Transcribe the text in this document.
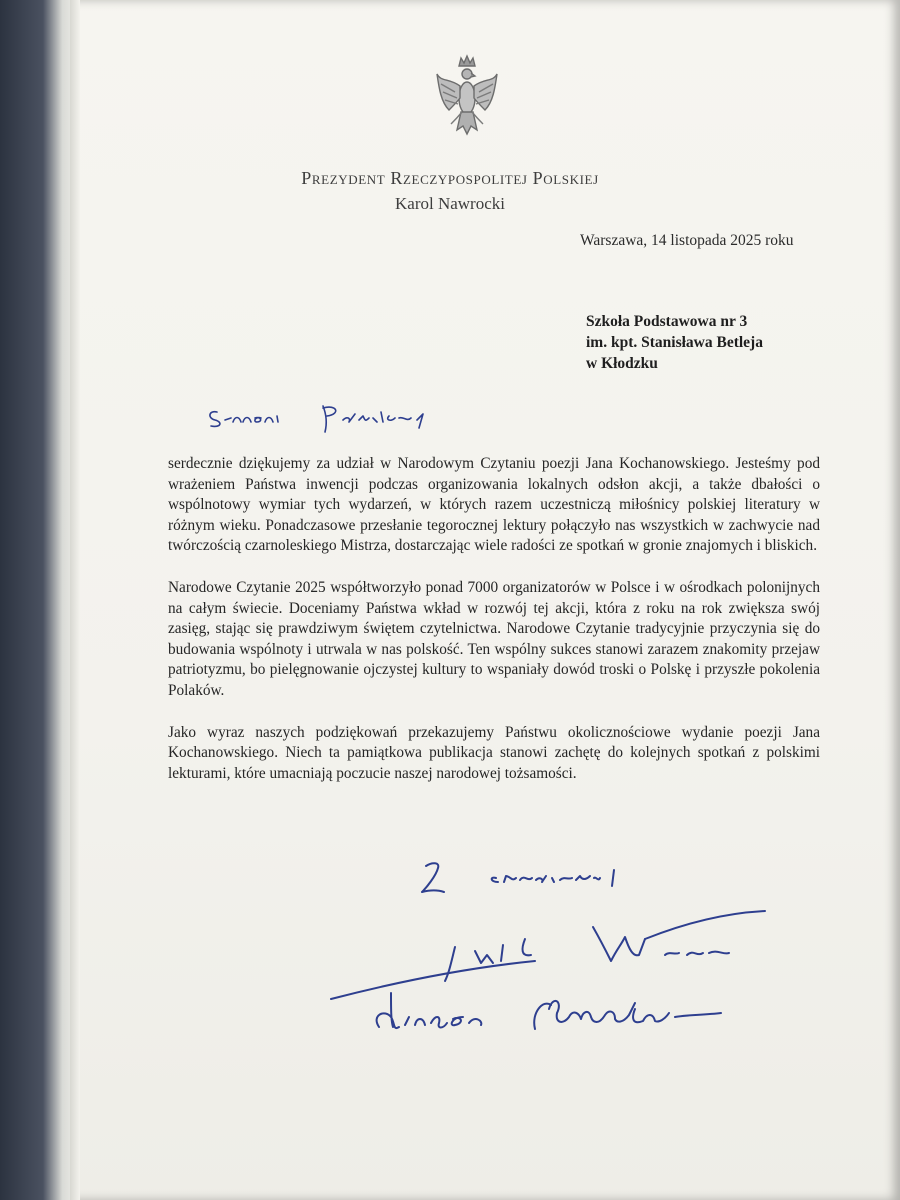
Prezydent Rzeczypospolitej Polskiej
Karol Nawrocki
Warszawa, 14 listopada 2025 roku
Szkoła Podstawowa nr 3
im. kpt. Stanisława Betleja
w Kłodzku

serdecznie dziękujemy za udział w Narodowym Czytaniu poezji Jana Kochanowskiego. Jesteśmy pod wrażeniem Państwa inwencji podczas organizowania lokalnych odsłon akcji, a także dbałości o wspólnotowy wymiar tych wydarzeń, w których razem uczestniczą miłośnicy polskiej literatury w różnym wieku. Ponadczasowe przesłanie tegorocznej lektury połączyło nas wszystkich w zachwycie nad twórczością czarnoleskiego Mistrza, dostarczając wiele radości ze spotkań w gronie znajomych i bliskich.

Narodowe Czytanie 2025 współtworzyło ponad 7000 organizatorów w Polsce i w ośrodkach polonijnych na całym świecie. Doceniamy Państwa wkład w rozwój tej akcji, która z roku na rok zwiększa swój zasięg, stając się prawdziwym świętem czytelnictwa. Narodowe Czytanie tradycyjnie przyczynia się do budowania wspólnoty i utrwala w nas polskość. Ten wspólny sukces stanowi zarazem znakomity przejaw patriotyzmu, bo pielęgnowanie ojczystej kultury to wspaniały dowód troski o Polskę i przyszłe pokolenia Polaków.

Jako wyraz naszych podziękowań przekazujemy Państwu okolicznościowe wydanie poezji Jana Kochanowskiego. Niech ta pamiątkowa publikacja stanowi zachętę do kolejnych spotkań z polskimi lekturami, które umacniają poczucie naszej narodowej tożsamości.
